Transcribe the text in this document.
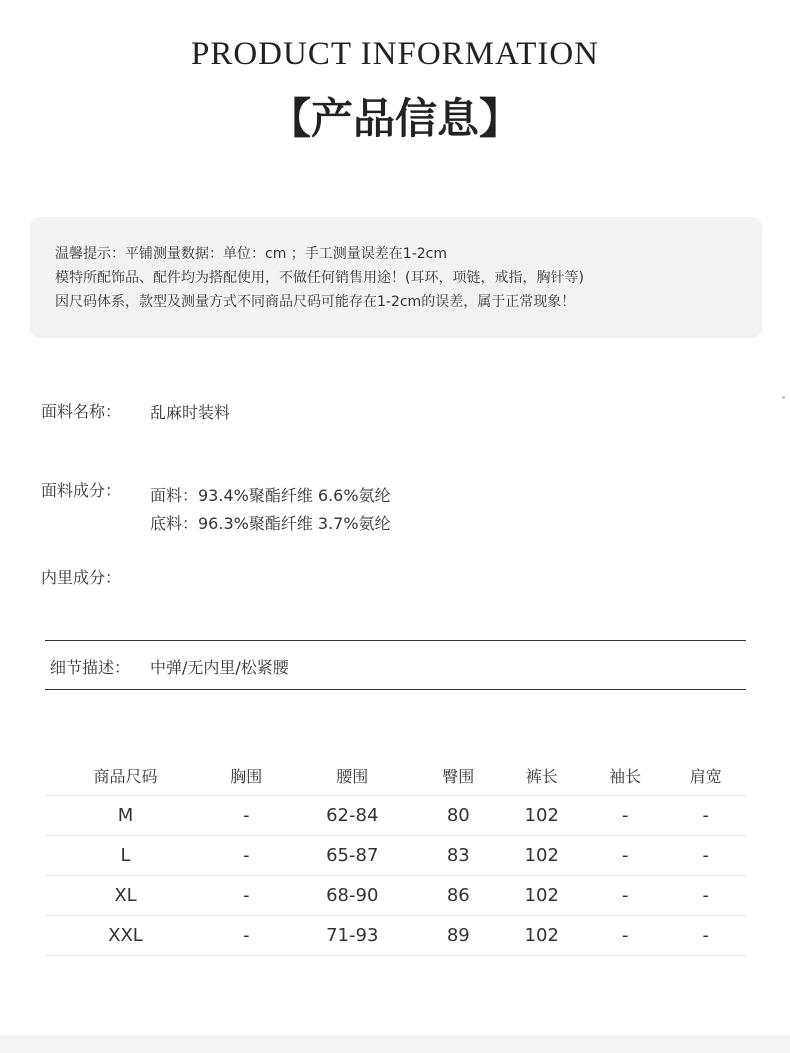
PRODUCT INFORMATION
【产品信息】
温馨提示：平铺测量数据：单位：cm ；手工测量误差在1-2cm
模特所配饰品、配件均为搭配使用，不做任何销售用途！(耳环，项链，戒指，胸针等)
因尺码体系，款型及测量方式不同商品尺码可能存在1-2cm的误差，属于正常现象！
面料名称： 乱麻时装料
面料成分： 面料：93.4%聚酯纤维 6.6%氨纶
底料：96.3%聚酯纤维 3.7%氨纶
内里成分：
细节描述： 中弹/无内里/松紧腰
商品尺码	胸围	腰围	臀围	裤长	袖长	肩宽
M	-	62-84	80	102	-	-
L	-	65-87	83	102	-	-
XL	-	68-90	86	102	-	-
XXL	-	71-93	89	102	-	-
